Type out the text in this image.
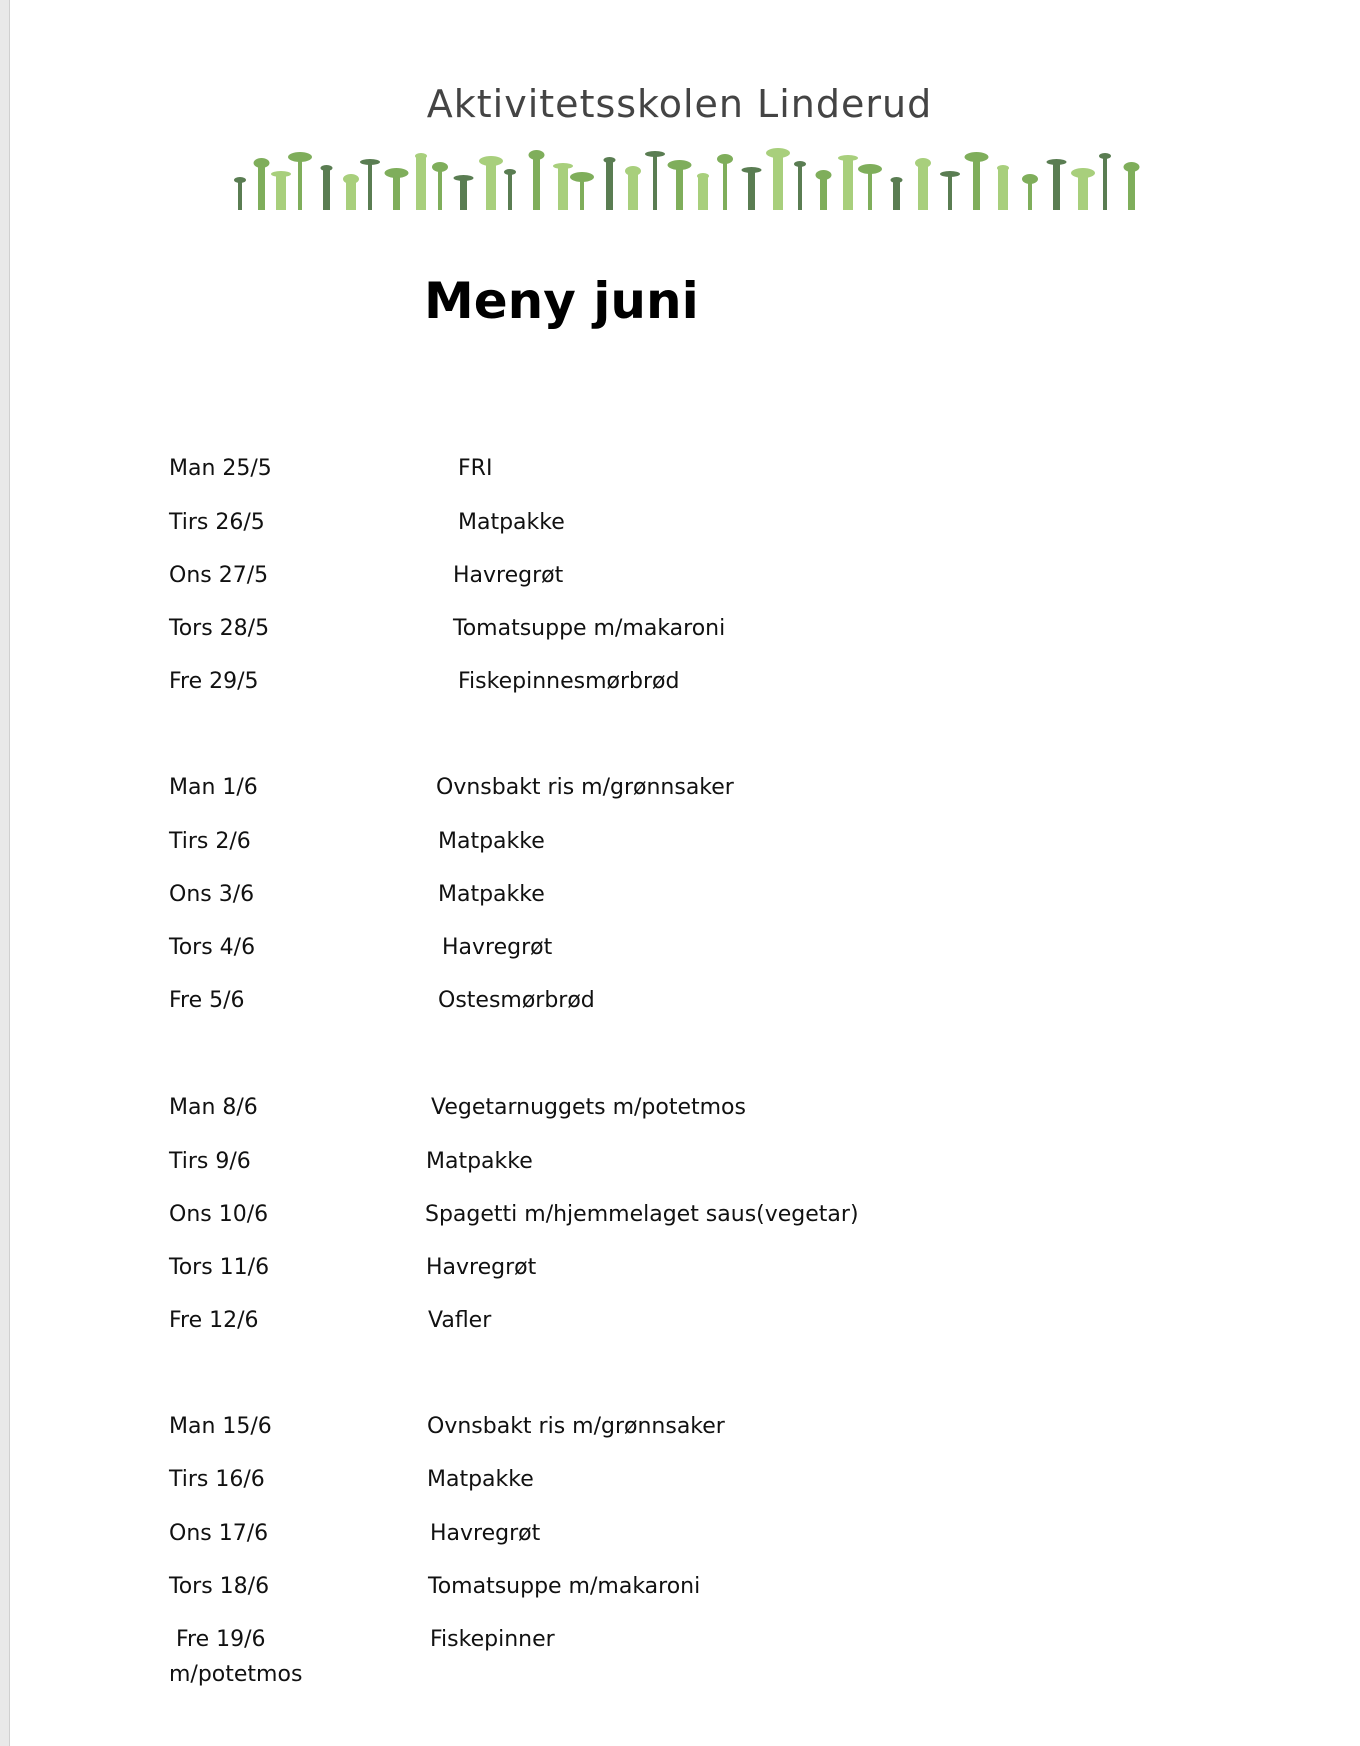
Aktivitetsskolen Linderud
Meny juni
Man 25/5	FRI
Tirs 26/5	Matpakke
Ons 27/5	Havregrøt
Tors 28/5	Tomatsuppe m/makaroni
Fre 29/5	Fiskepinnesmørbrød
Man 1/6	Ovnsbakt ris m/grønnsaker
Tirs 2/6	Matpakke
Ons 3/6	Matpakke
Tors 4/6	Havregrøt
Fre 5/6	Ostesmørbrød
Man 8/6	Vegetarnuggets m/potetmos
Tirs 9/6	Matpakke
Ons 10/6	Spagetti m/hjemmelaget saus(vegetar)
Tors 11/6	Havregrøt
Fre 12/6	Vafler
Man 15/6	Ovnsbakt ris m/grønnsaker
Tirs 16/6	Matpakke
Ons 17/6	Havregrøt
Tors 18/6	Tomatsuppe m/makaroni
Fre 19/6	Fiskepinner
m/potetmos
